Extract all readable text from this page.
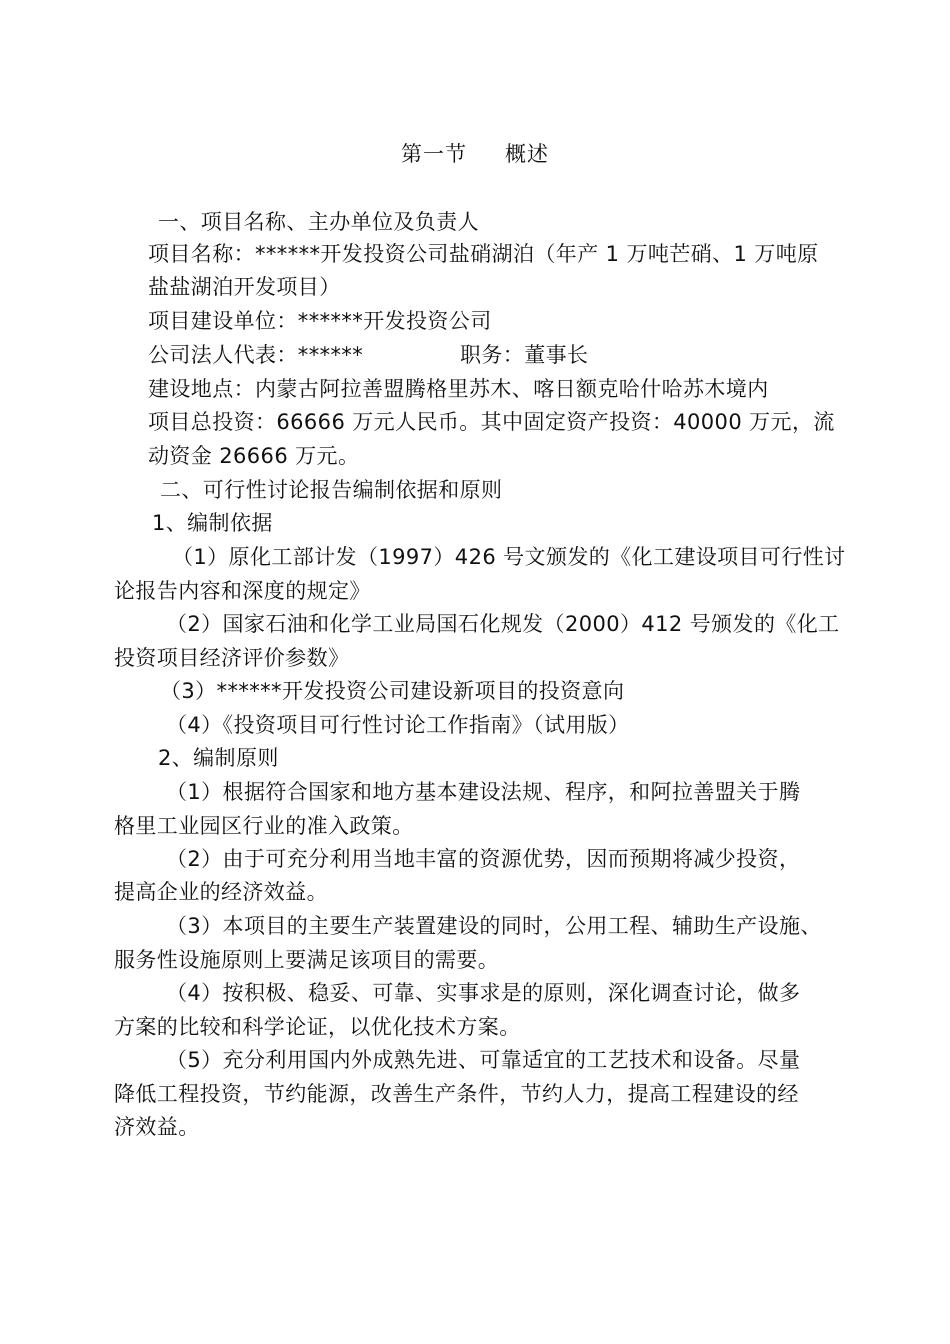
第一节 概述
一、项目名称、主办单位及负责人
项目名称：******开发投资公司盐硝湖泊（年产 1 万吨芒硝、1 万吨原
盐盐湖泊开发项目）
项目建设单位：******开发投资公司
公司法人代表：******	职务：董事长
建设地点：内蒙古阿拉善盟腾格里苏木、喀日额克哈什哈苏木境内
项目总投资：66666 万元人民币。其中固定资产投资：40000 万元，流
动资金 26666 万元。
二、可行性讨论报告编制依据和原则
1、编制依据
（1）原化工部计发（1997）426 号文颁发的《化工建设项目可行性讨
论报告内容和深度的规定》
（2）国家石油和化学工业局国石化规发（2000）412 号颁发的《化工
投资项目经济评价参数》
（3）******开发投资公司建设新项目的投资意向
（4）《投资项目可行性讨论工作指南》（试用版）
2、编制原则
（1）根据符合国家和地方基本建设法规、程序，和阿拉善盟关于腾
格里工业园区行业的准入政策。
（2）由于可充分利用当地丰富的资源优势，因而预期将减少投资，
提高企业的经济效益。
（3）本项目的主要生产装置建设的同时，公用工程、辅助生产设施、
服务性设施原则上要满足该项目的需要。
（4）按积极、稳妥、可靠、实事求是的原则，深化调查讨论，做多
方案的比较和科学论证，以优化技术方案。
（5）充分利用国内外成熟先进、可靠适宜的工艺技术和设备。尽量
降低工程投资，节约能源，改善生产条件，节约人力，提高工程建设的经
济效益。
